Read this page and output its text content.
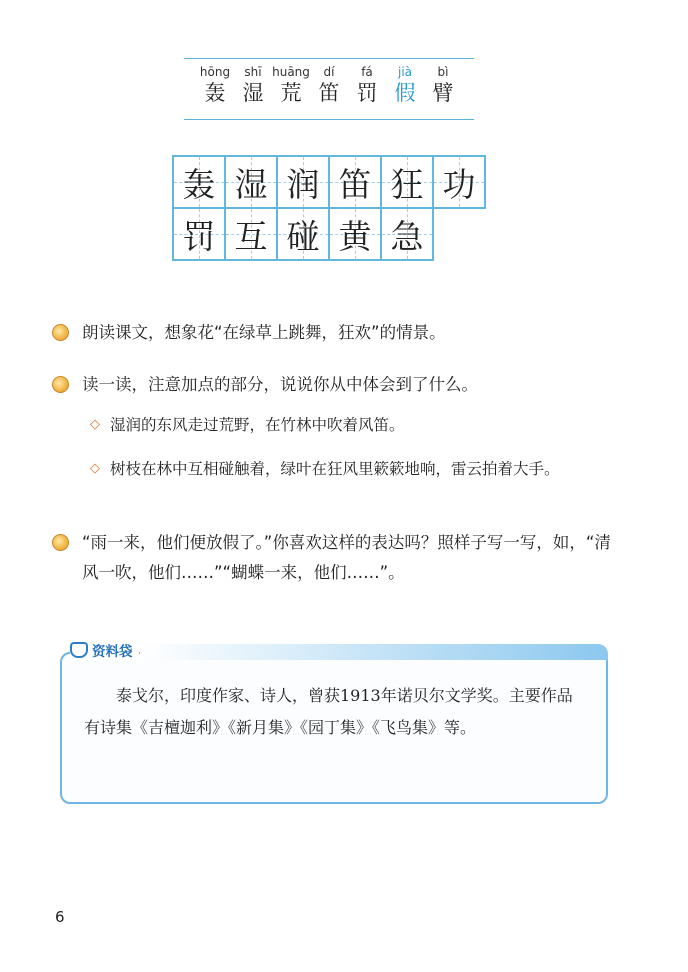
hōng
轰
shī
湿
huāng
荒
dí
笛
fá
罚
jià
假
bì
臂
轰 湿 润 笛 狂 功
罚 互 碰 黄 急
朗读课文，想象花“在绿草上跳舞，狂欢”的情景。
读一读，注意加点的部分，说说你从中体会到了什么。
◇ 湿润的东风走过荒野，在竹林中吹着风笛。
◇ 树枝在林中互相碰触着，绿叶在狂风里簌簌地响，雷云拍着大手。
“雨一来，他们便放假了。”你喜欢这样的表达吗？照样子写一写，如，“清风一吹，他们……”“蝴蝶一来，他们……”。
资料袋
泰戈尔，印度作家、诗人，曾获1913年诺贝尔文学奖。主要作品有诗集《吉檀迦利》《新月集》《园丁集》《飞鸟集》等。
6
